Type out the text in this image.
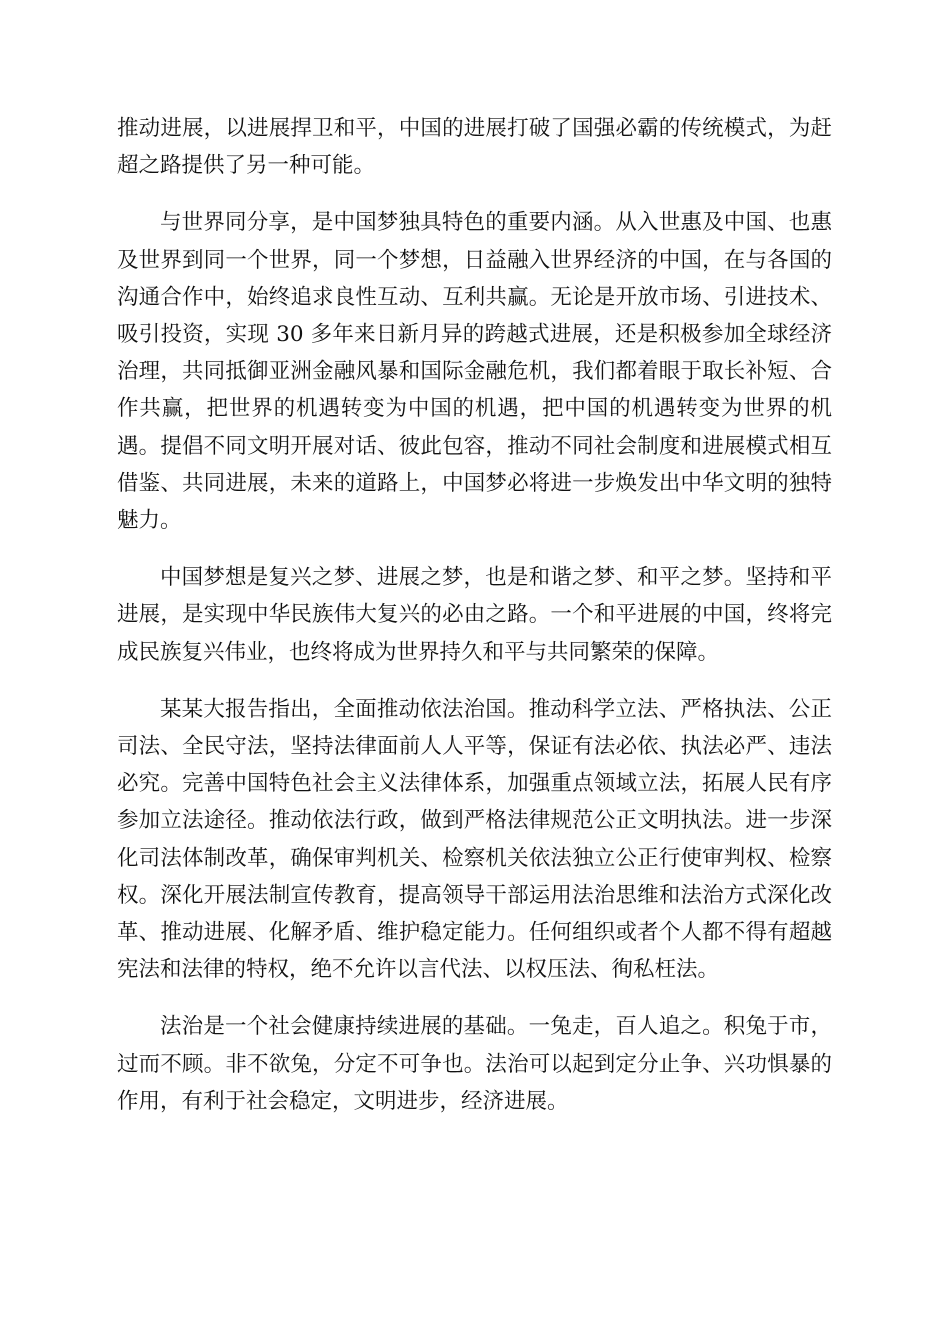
推动进展，以进展捍卫和平，中国的进展打破了国强必霸的传统模式，为赶超之路提供了另一种可能。

与世界同分享，是中国梦独具特色的重要内涵。从入世惠及中国、也惠及世界到同一个世界，同一个梦想，日益融入世界经济的中国，在与各国的沟通合作中，始终追求良性互动、互利共赢。无论是开放市场、引进技术、吸引投资，实现 30 多年来日新月异的跨越式进展，还是积极参加全球经济治理，共同抵御亚洲金融风暴和国际金融危机，我们都着眼于取长补短、合作共赢，把世界的机遇转变为中国的机遇，把中国的机遇转变为世界的机遇。提倡不同文明开展对话、彼此包容，推动不同社会制度和进展模式相互借鉴、共同进展，未来的道路上，中国梦必将进一步焕发出中华文明的独特魅力。

中国梦想是复兴之梦、进展之梦，也是和谐之梦、和平之梦。坚持和平进展，是实现中华民族伟大复兴的必由之路。一个和平进展的中国，终将完成民族复兴伟业，也终将成为世界持久和平与共同繁荣的保障。

某某大报告指出，全面推动依法治国。推动科学立法、严格执法、公正司法、全民守法，坚持法律面前人人平等，保证有法必依、执法必严、违法必究。完善中国特色社会主义法律体系，加强重点领域立法，拓展人民有序参加立法途径。推动依法行政，做到严格法律规范公正文明执法。进一步深化司法体制改革，确保审判机关、检察机关依法独立公正行使审判权、检察权。深化开展法制宣传教育，提高领导干部运用法治思维和法治方式深化改革、推动进展、化解矛盾、维护稳定能力。任何组织或者个人都不得有超越宪法和法律的特权，绝不允许以言代法、以权压法、徇私枉法。

法治是一个社会健康持续进展的基础。一兔走，百人追之。积兔于市，过而不顾。非不欲兔，分定不可争也。法治可以起到定分止争、兴功惧暴的作用，有利于社会稳定，文明进步，经济进展。
